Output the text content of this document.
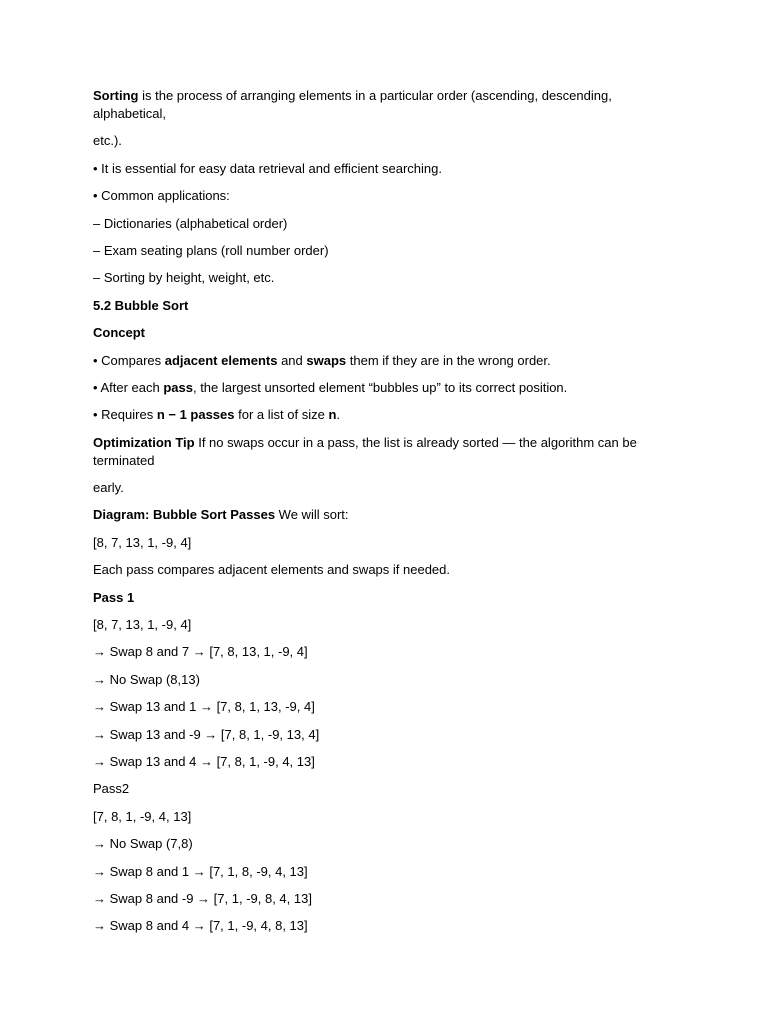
Sorting is the process of arranging elements in a particular order (ascending, descending, alphabetical,
etc.).
• It is essential for easy data retrieval and efficient searching.
• Common applications:
– Dictionaries (alphabetical order)
– Exam seating plans (roll number order)
– Sorting by height, weight, etc.
5.2 Bubble Sort
Concept
• Compares adjacent elements and swaps them if they are in the wrong order.
• After each pass, the largest unsorted element “bubbles up” to its correct position.
• Requires n − 1 passes for a list of size n.
Optimization Tip If no swaps occur in a pass, the list is already sorted — the algorithm can be terminated
early.
Diagram: Bubble Sort Passes We will sort:
[8, 7, 13, 1, -9, 4]
Each pass compares adjacent elements and swaps if needed.
Pass 1
[8, 7, 13, 1, -9, 4]
→ Swap 8 and 7 → [7, 8, 13, 1, -9, 4]
→ No Swap (8,13)
→ Swap 13 and 1 → [7, 8, 1, 13, -9, 4]
→ Swap 13 and -9 → [7, 8, 1, -9, 13, 4]
→ Swap 13 and 4 → [7, 8, 1, -9, 4, 13]
Pass2
[7, 8, 1, -9, 4, 13]
→ No Swap (7,8)
→ Swap 8 and 1 → [7, 1, 8, -9, 4, 13]
→ Swap 8 and -9 → [7, 1, -9, 8, 4, 13]
→ Swap 8 and 4 → [7, 1, -9, 4, 8, 13]
